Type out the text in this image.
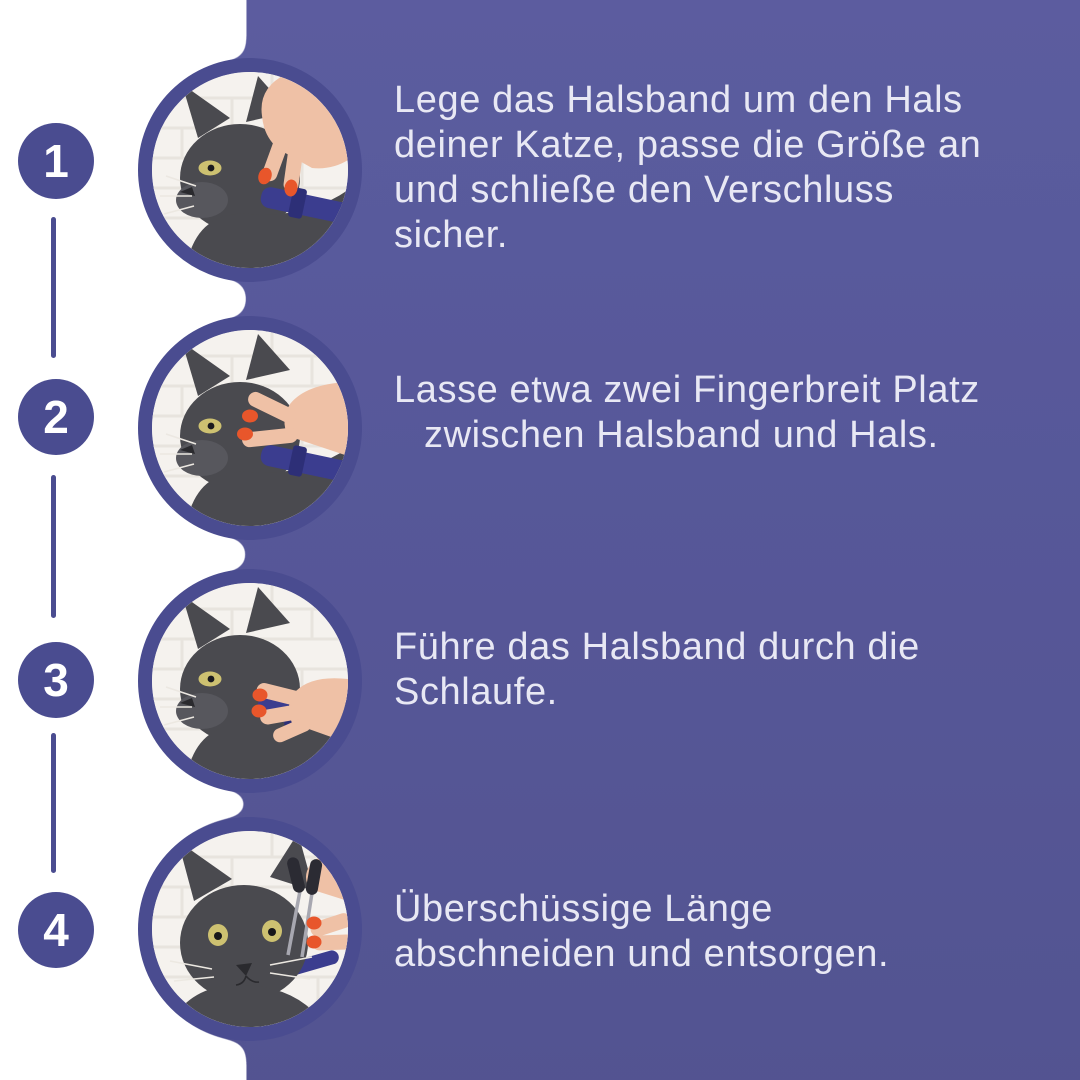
1
2
3
4
Lege das Halsband um den Hals
deiner Katze, passe die Größe an
und schließe den Verschluss
sicher.
Lasse etwa zwei Fingerbreit Platz
zwischen Halsband und Hals.
Führe das Halsband durch die
Schlaufe.
Überschüssige Länge
abschneiden und entsorgen.
